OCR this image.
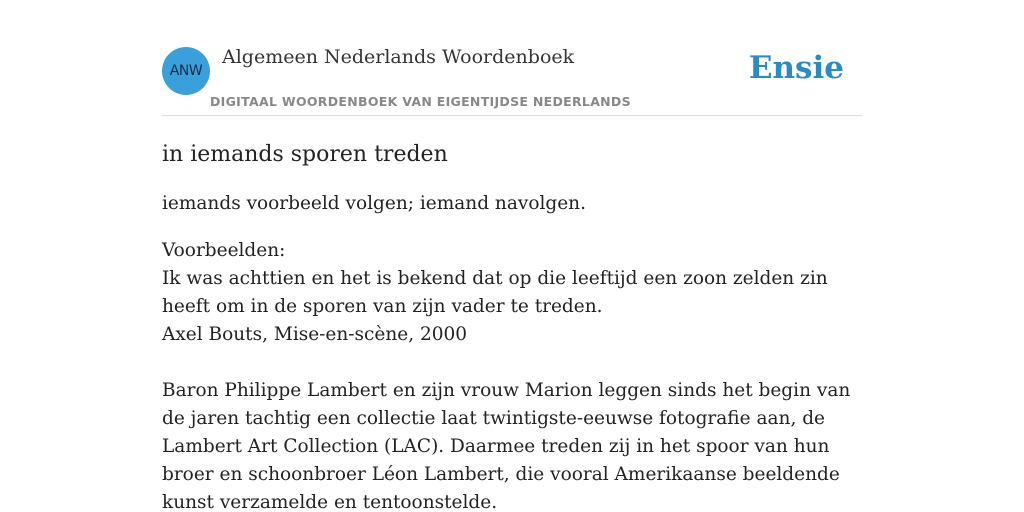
ANW
Algemeen Nederlands Woordenboek
DIGITAAL WOORDENBOEK VAN EIGENTIJDSE NEDERLANDS
Ensie
in iemands sporen treden
iemands voorbeeld volgen; iemand navolgen.

Voorbeelden:

Ik was achttien en het is bekend dat op die leeftijd een zoon zelden zin heeft om in de sporen van zijn vader te treden.

Axel Bouts, Mise-en-scène, 2000

Baron Philippe Lambert en zijn vrouw Marion leggen sinds het begin van de jaren tachtig een collectie laat twintigste-eeuwse fotografie aan, de Lambert Art Collection (LAC). Daarmee treden zij in het spoor van hun broer en schoonbroer Léon Lambert, die vooral Amerikaanse beeldende kunst verzamelde en tentoonstelde.
